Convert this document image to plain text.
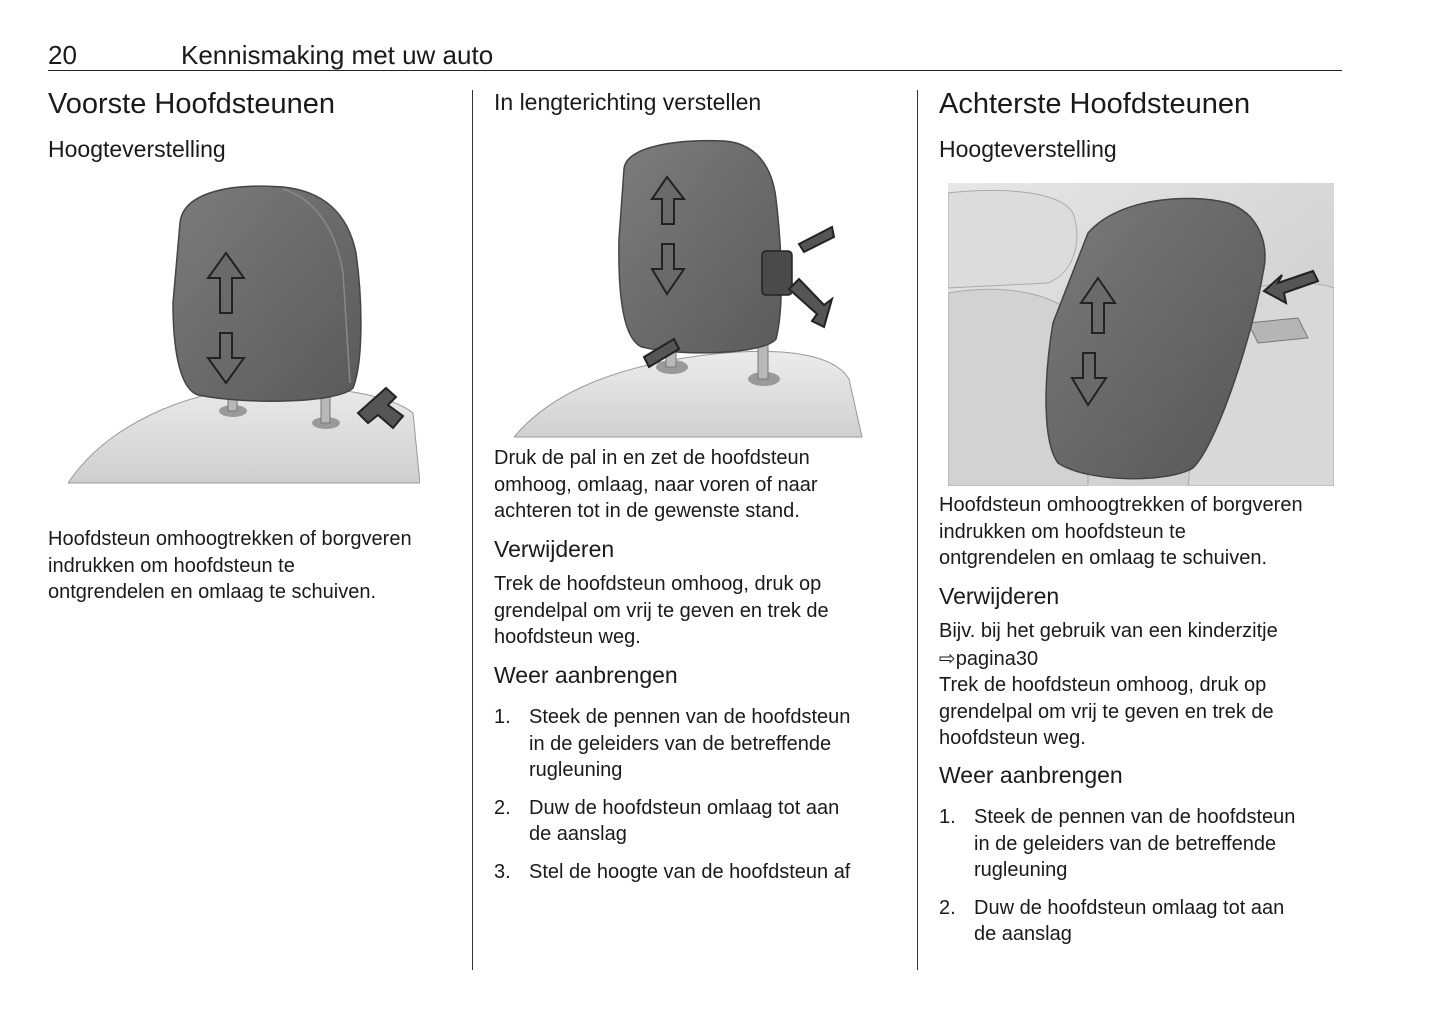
20	Kennismaking met uw auto
Voorste Hoofdsteunen
Hoogteverstelling

Hoofdsteun omhoogtrekken of borgveren

indrukken om hoofdsteun te

ontgrendelen en omlaag te schuiven.

In lengterichting verstellen

Druk de pal in en zet de hoofdsteun

omhoog, omlaag, naar voren of naar

achteren tot in de gewenste stand.

Verwijderen

Trek de hoofdsteun omhoog, druk op

grendelpal om vrij te geven en trek de

hoofdsteun weg.

Weer aanbrengen
1. Steek de pennen van de hoofdsteun
in de geleiders van de betreffende
rugleuning
2. Duw de hoofdsteun omlaag tot aan
de aanslag
3. Stel de hoogte van de hoofdsteun af
Achterste Hoofdsteunen
Hoogteverstelling

Hoofdsteun omhoogtrekken of borgveren

indrukken om hoofdsteun te

ontgrendelen en omlaag te schuiven.

Verwijderen

Bijv. bij het gebruik van een kinderzitje

⇨pagina30

Trek de hoofdsteun omhoog, druk op

grendelpal om vrij te geven en trek de

hoofdsteun weg.

Weer aanbrengen
1. Steek de pennen van de hoofdsteun
in de geleiders van de betreffende
rugleuning
2. Duw de hoofdsteun omlaag tot aan
de aanslag
